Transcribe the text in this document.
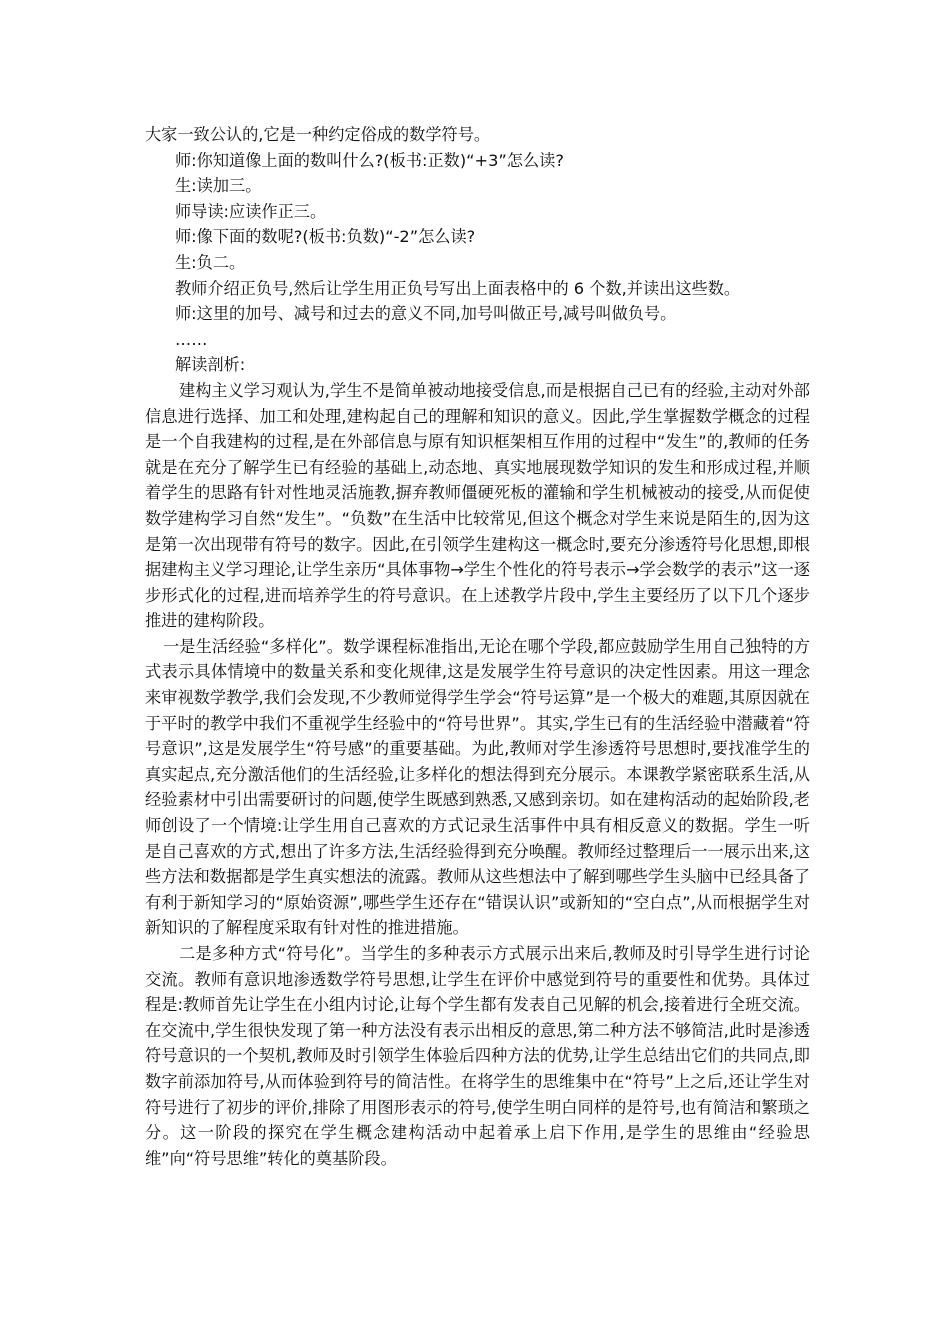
大家一致公认的,它是一种约定俗成的数学符号。

师:你知道像上面的数叫什么?(板书:正数)“+3”怎么读?

生:读加三。

师导读:应读作正三。

师:像下面的数呢?(板书:负数)“-2”怎么读?

生:负二。

教师介绍正负号,然后让学生用正负号写出上面表格中的 6 个数,并读出这些数。

师:这里的加号、减号和过去的意义不同,加号叫做正号,减号叫做负号。

……

解读剖析:

建构主义学习观认为,学生不是简单被动地接受信息,而是根据自己已有的经验,主动对外部信息进行选择、加工和处理,建构起自己的理解和知识的意义。因此,学生掌握数学概念的过程是一个自我建构的过程,是在外部信息与原有知识框架相互作用的过程中“发生”的,教师的任务就是在充分了解学生已有经验的基础上,动态地、真实地展现数学知识的发生和形成过程,并顺着学生的思路有针对性地灵活施教,摒弃教师僵硬死板的灌输和学生机械被动的接受,从而促使数学建构学习自然“发生”。“负数”在生活中比较常见,但这个概念对学生来说是陌生的,因为这是第一次出现带有符号的数字。因此,在引领学生建构这一概念时,要充分渗透符号化思想,即根据建构主义学习理论,让学生亲历“具体事物→学生个性化的符号表示→学会数学的表示”这一逐步形式化的过程,进而培养学生的符号意识。在上述教学片段中,学生主要经历了以下几个逐步推进的建构阶段。

一是生活经验“多样化”。数学课程标准指出,无论在哪个学段,都应鼓励学生用自己独特的方式表示具体情境中的数量关系和变化规律,这是发展学生符号意识的决定性因素。用这一理念来审视数学教学,我们会发现,不少教师觉得学生学会“符号运算”是一个极大的难题,其原因就在于平时的教学中我们不重视学生经验中的“符号世界”。其实,学生已有的生活经验中潜藏着“符号意识”,这是发展学生“符号感”的重要基础。为此,教师对学生渗透符号思想时,要找准学生的真实起点,充分激活他们的生活经验,让多样化的想法得到充分展示。本课教学紧密联系生活,从经验素材中引出需要研讨的问题,使学生既感到熟悉,又感到亲切。如在建构活动的起始阶段,老师创设了一个情境:让学生用自己喜欢的方式记录生活事件中具有相反意义的数据。学生一听是自己喜欢的方式,想出了许多方法,生活经验得到充分唤醒。教师经过整理后一一展示出来,这些方法和数据都是学生真实想法的流露。教师从这些想法中了解到哪些学生头脑中已经具备了有利于新知学习的“原始资源”,哪些学生还存在“错误认识”或新知的“空白点”,从而根据学生对新知识的了解程度采取有针对性的推进措施。

二是多种方式“符号化”。当学生的多种表示方式展示出来后,教师及时引导学生进行讨论交流。教师有意识地渗透数学符号思想,让学生在评价中感觉到符号的重要性和优势。具体过程是:教师首先让学生在小组内讨论,让每个学生都有发表自己见解的机会,接着进行全班交流。在交流中,学生很快发现了第一种方法没有表示出相反的意思,第二种方法不够简洁,此时是渗透符号意识的一个契机,教师及时引领学生体验后四种方法的优势,让学生总结出它们的共同点,即数字前添加符号,从而体验到符号的简洁性。在将学生的思维集中在“符号”上之后,还让学生对符号进行了初步的评价,排除了用图形表示的符号,使学生明白同样的是符号,也有简洁和繁琐之分。这一阶段的探究在学生概念建构活动中起着承上启下作用,是学生的思维由“经验思维”向“符号思维”转化的奠基阶段。
